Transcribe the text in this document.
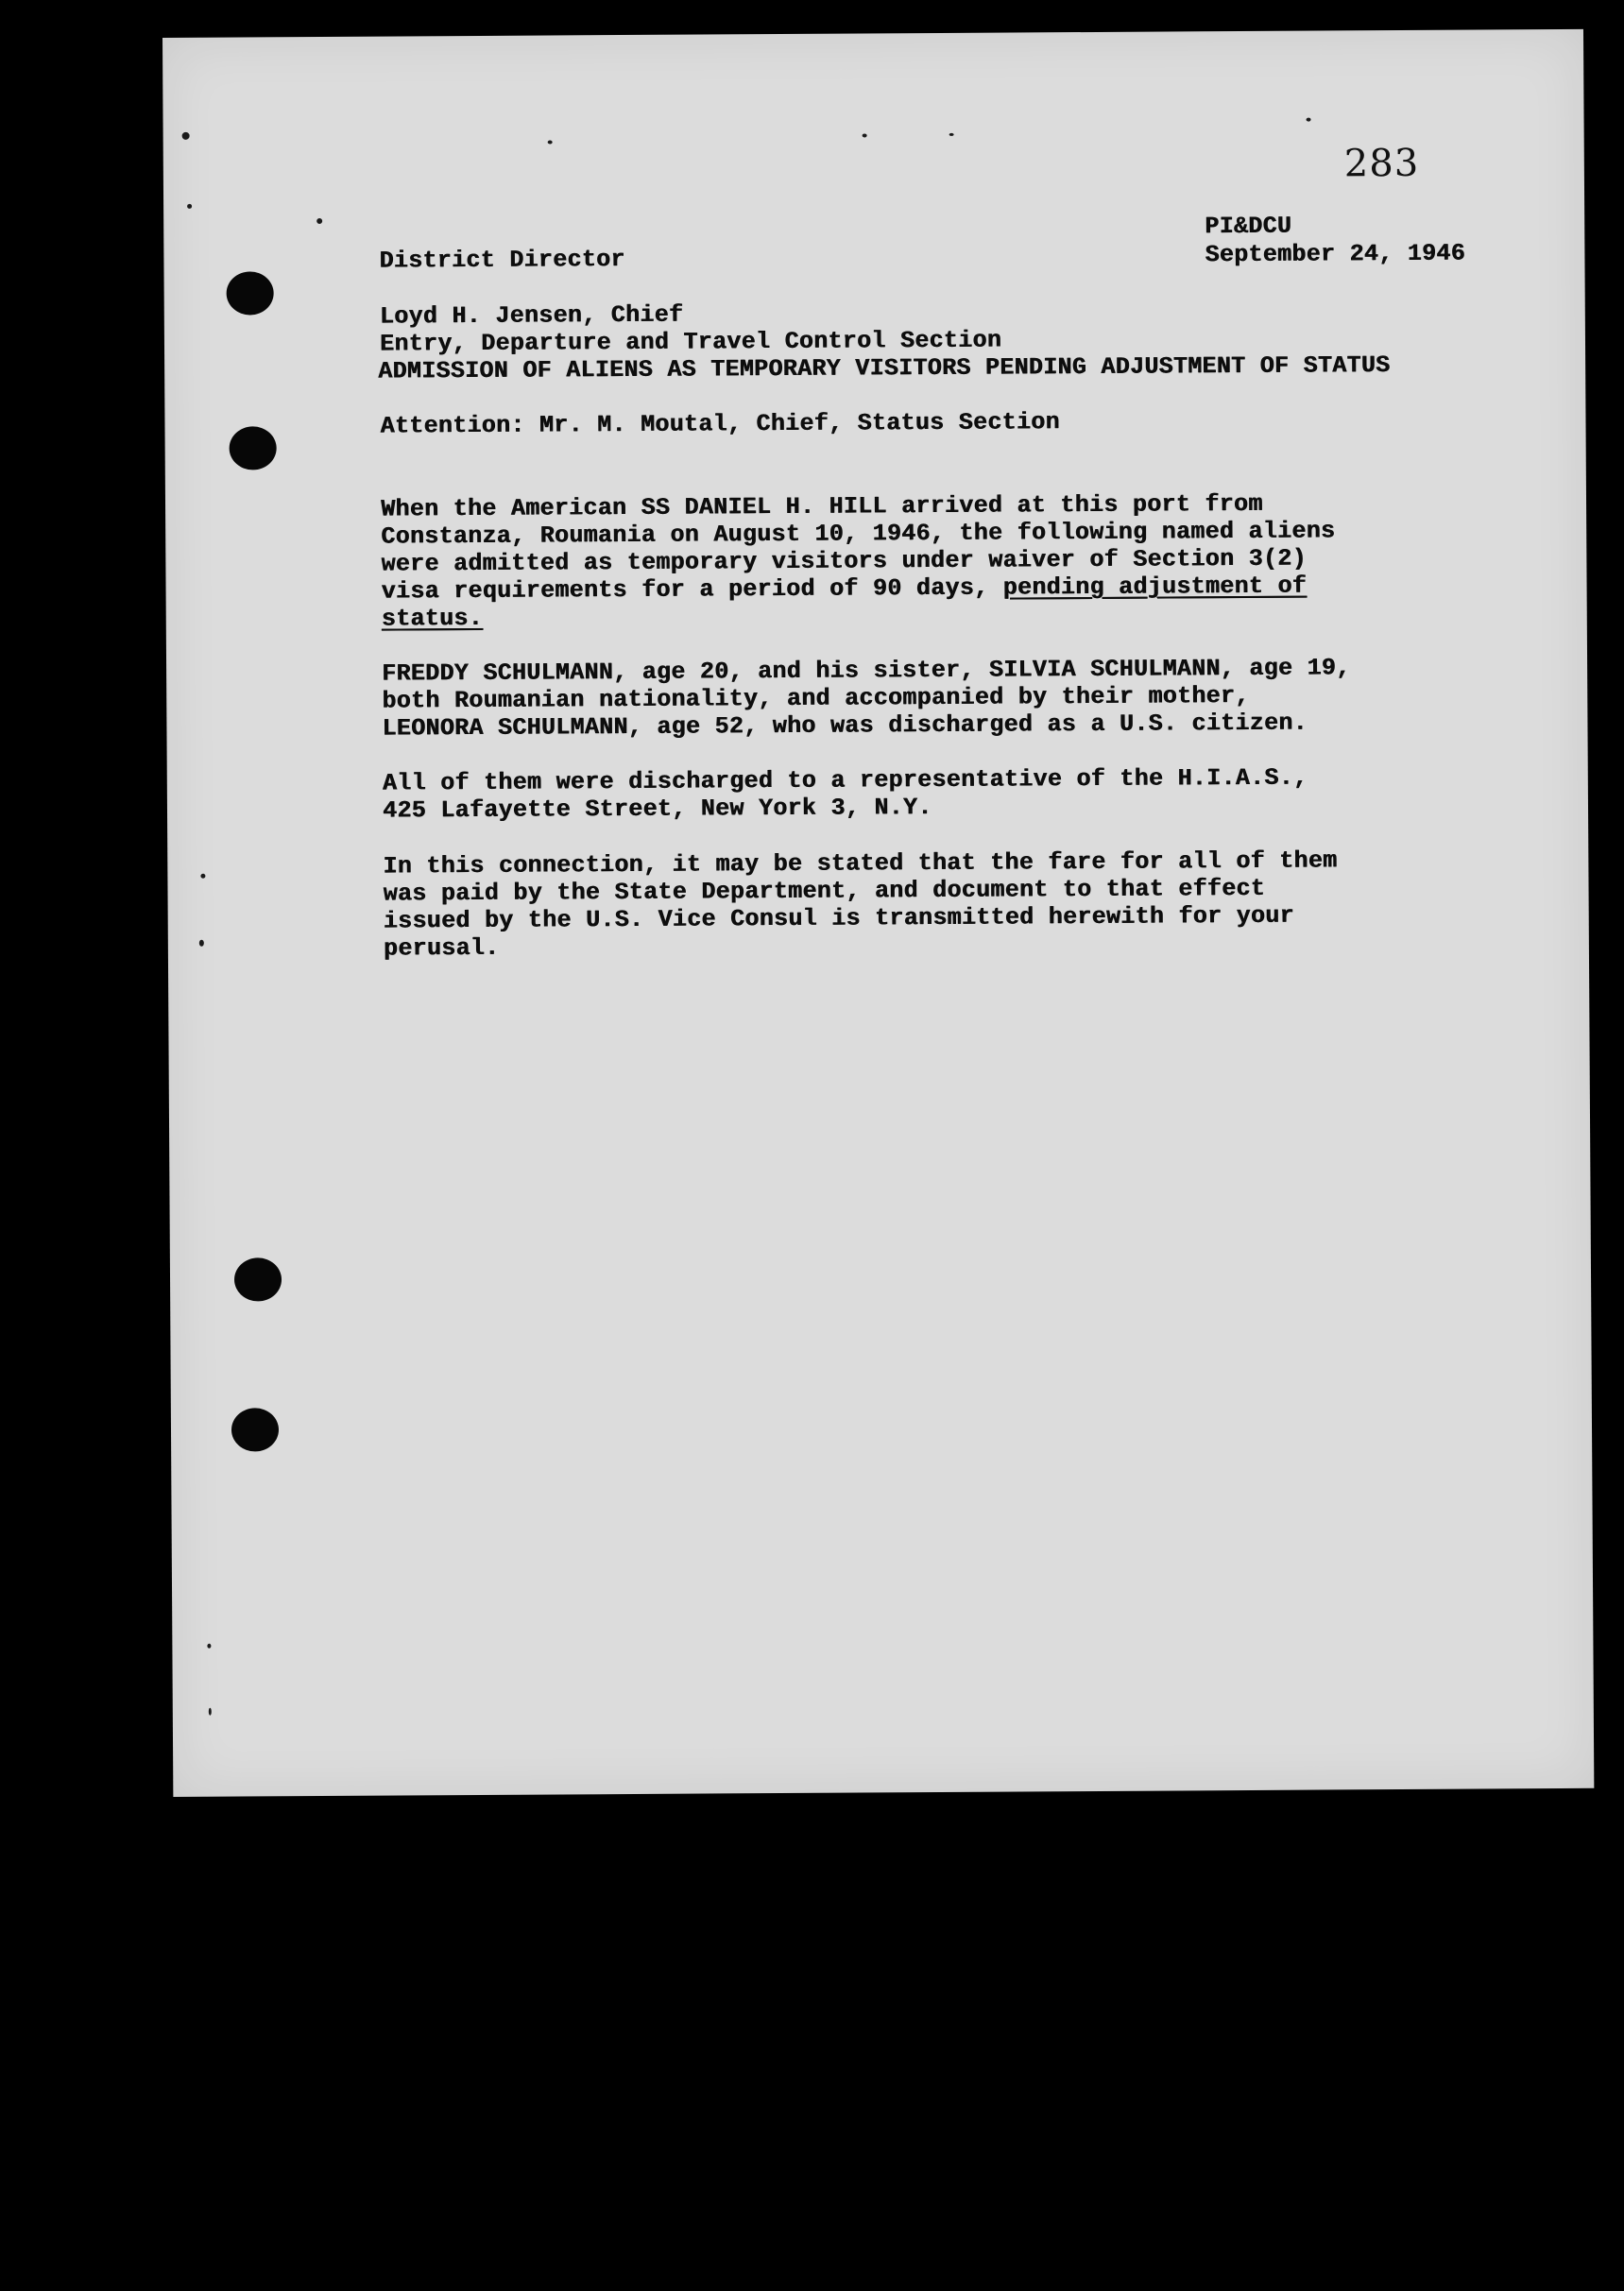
283
PI&DCU
September 24, 1946
District Director
Loyd H. Jensen, Chief
Entry, Departure and Travel Control Section
ADMISSION OF ALIENS AS TEMPORARY VISITORS PENDING ADJUSTMENT OF STATUS
Attention: Mr. M. Moutal, Chief, Status Section
When the American SS DANIEL H. HILL arrived at this port from
Constanza, Roumania on August 10, 1946, the following named aliens
were admitted as temporary visitors under waiver of Section 3(2)
visa requirements for a period of 90 days, pending adjustment of
status.
FREDDY SCHULMANN, age 20, and his sister, SILVIA SCHULMANN, age 19,
both Roumanian nationality, and accompanied by their mother,
LEONORA SCHULMANN, age 52, who was discharged as a U.S. citizen.
All of them were discharged to a representative of the H.I.A.S.,
425 Lafayette Street, New York 3, N.Y.
In this connection, it may be stated that the fare for all of them
was paid by the State Department, and document to that effect
issued by the U.S. Vice Consul is transmitted herewith for your
perusal.
